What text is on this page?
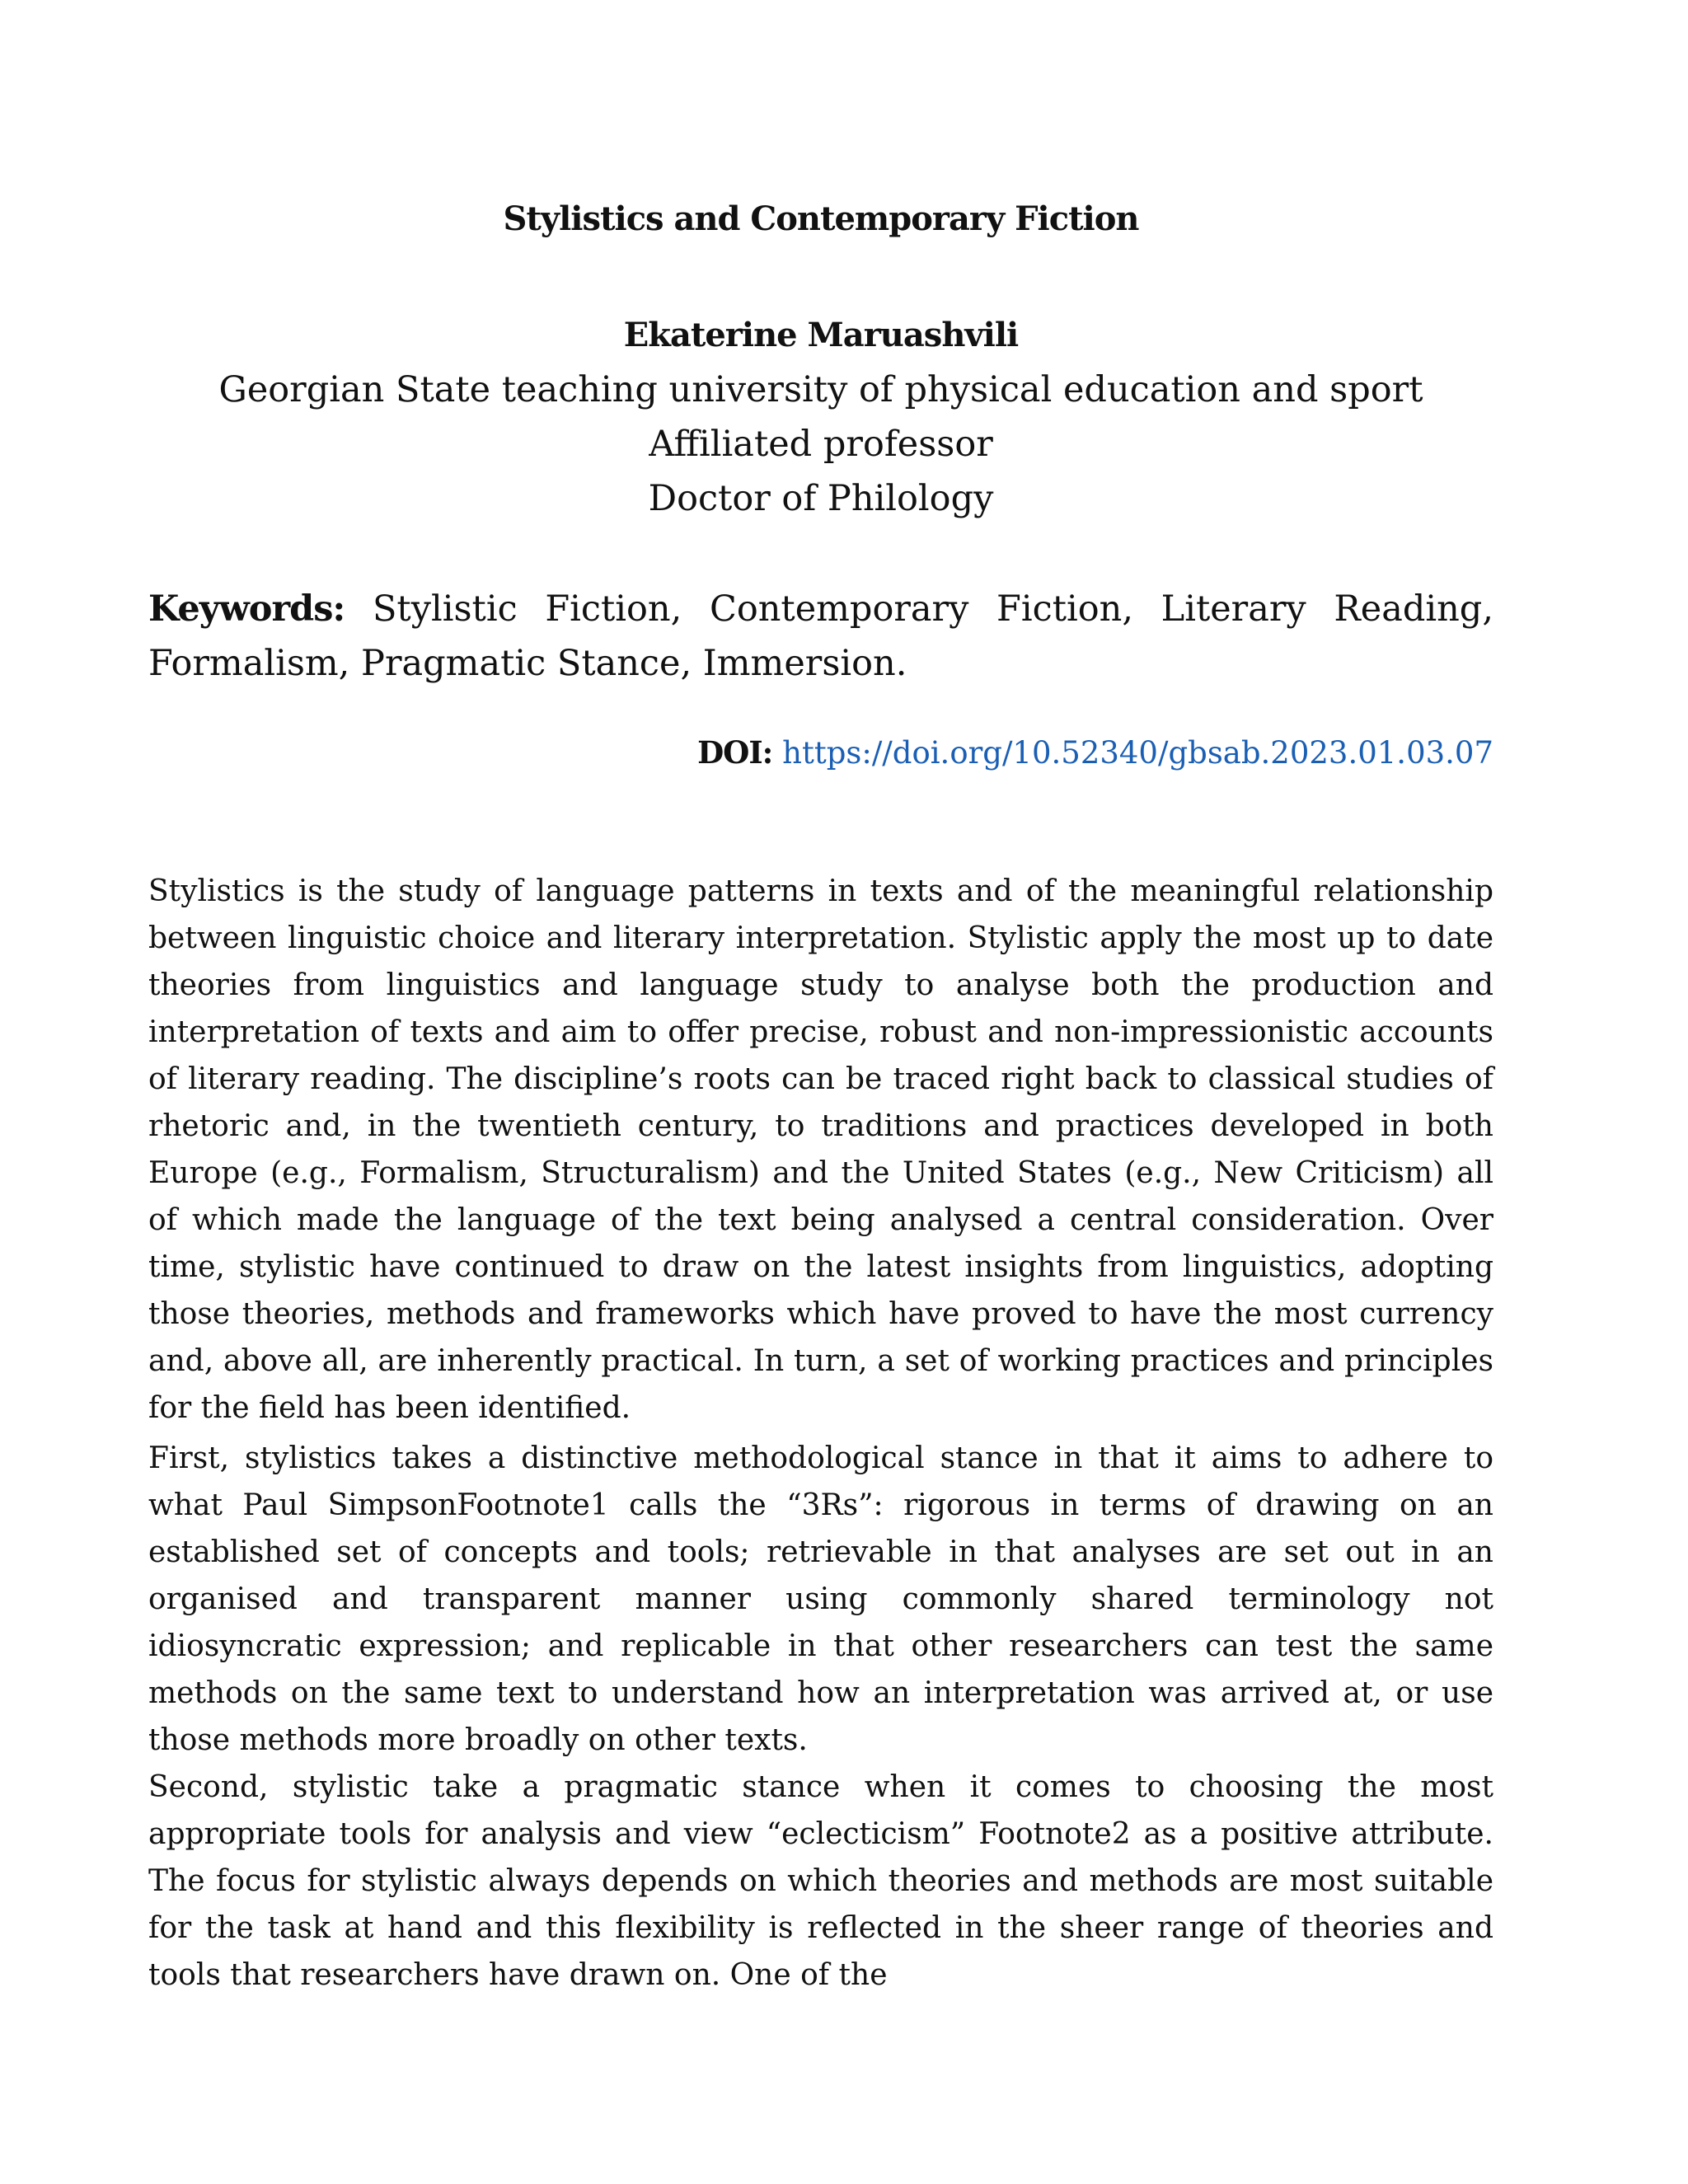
Stylistics and Contemporary Fiction
Ekaterine Maruashvili
Georgian State teaching university of physical education and sport
Affiliated professor
Doctor of Philology
Keywords: Stylistic Fiction, Contemporary Fiction, Literary Reading, Formalism, Pragmatic Stance, Immersion.
DOI: https://doi.org/10.52340/gbsab.2023.01.03.07

Stylistics is the study of language patterns in texts and of the meaningful relationship between linguistic choice and literary interpretation. Stylistic apply the most up to date theories from linguistics and language study to analyse both the production and interpretation of texts and aim to offer precise, robust and non-impressionistic accounts of literary reading. The discipline’s roots can be traced right back to classical studies of rhetoric and, in the twentieth century, to traditions and practices developed in both Europe (e.g., Formalism, Structuralism) and the United States (e.g., New Criticism) all of which made the language of the text being analysed a central consideration. Over time, stylistic have continued to draw on the latest insights from linguistics, adopting those theories, methods and frameworks which have proved to have the most currency and, above all, are inherently practical. In turn, a set of working practices and principles for the field has been identified.

First, stylistics takes a distinctive methodological stance in that it aims to adhere to what Paul SimpsonFootnote1 calls the “3Rs”: rigorous in terms of drawing on an established set of concepts and tools; retrievable in that analyses are set out in an organised and transparent manner using commonly shared terminology not idiosyncratic expression; and replicable in that other researchers can test the same methods on the same text to understand how an interpretation was arrived at, or use those methods more broadly on other texts.

Second, stylistic take a pragmatic stance when it comes to choosing the most appropriate tools for analysis and view “eclecticism” Footnote2 as a positive attribute. The focus for stylistic always depends on which theories and methods are most suitable for the task at hand and this flexibility is reflected in the sheer range of theories and tools that researchers have drawn on. One of the
